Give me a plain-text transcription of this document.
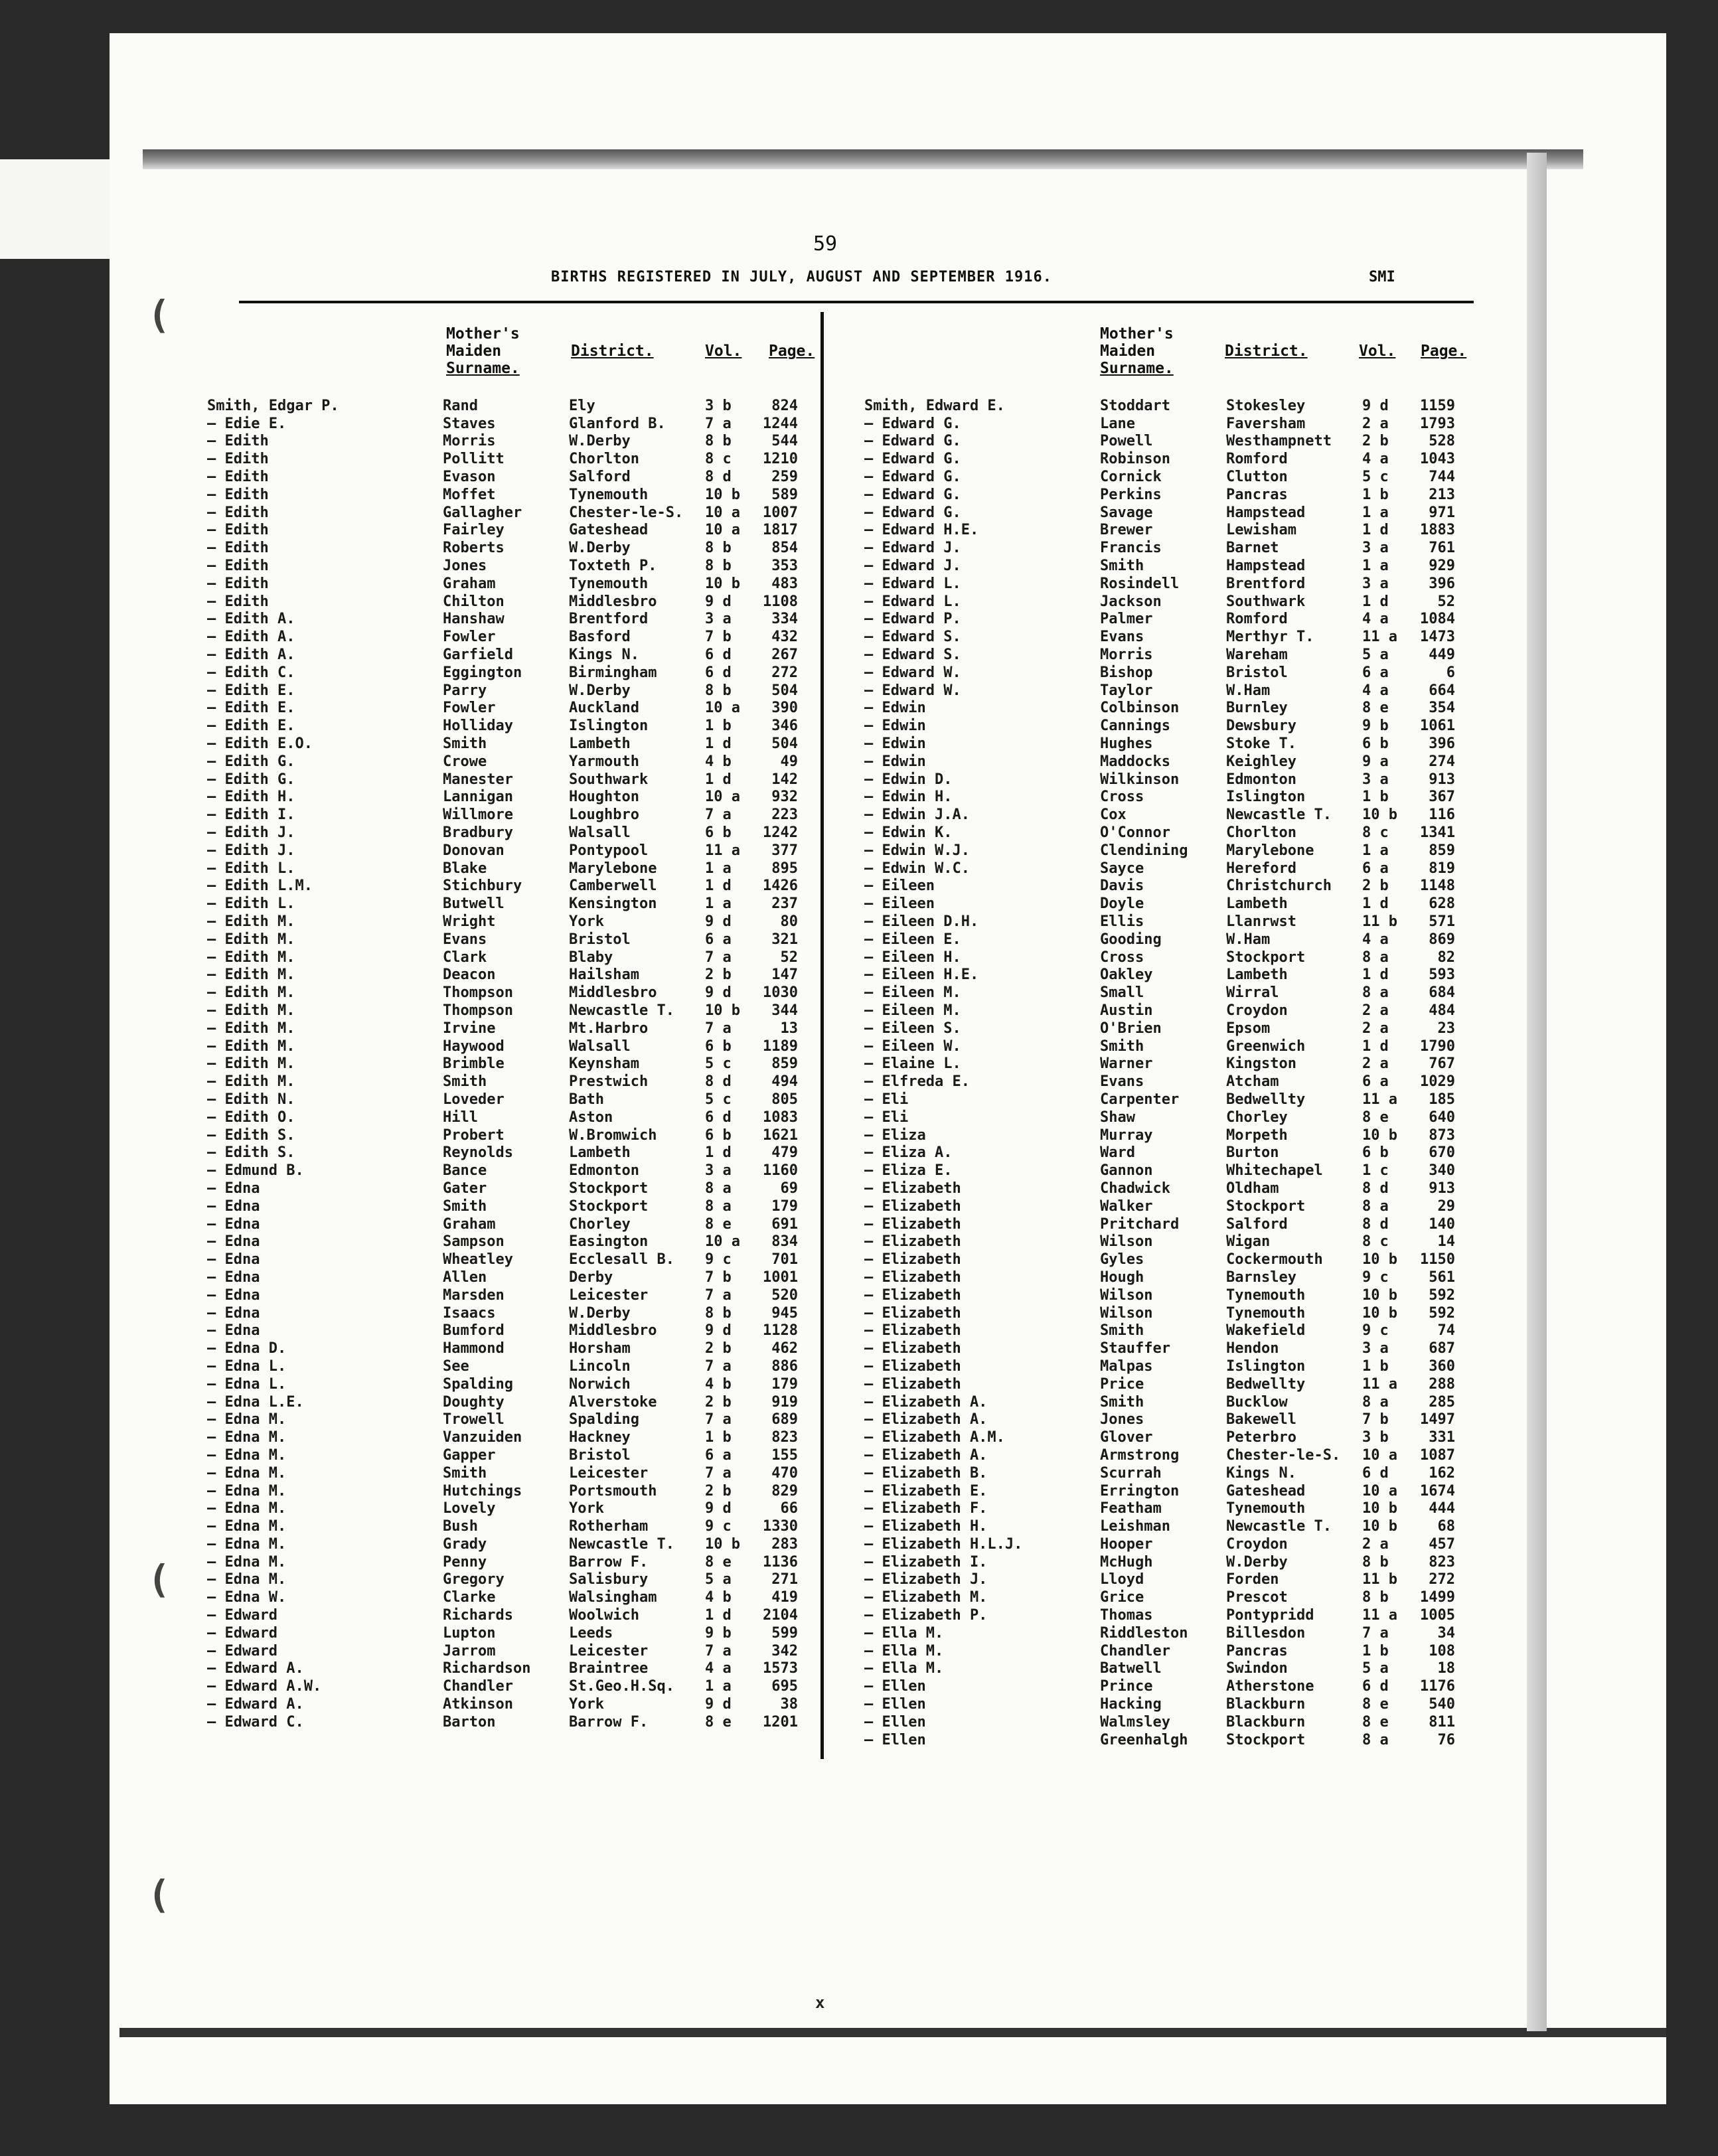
(
(
(
59
BIRTHS REGISTERED IN JULY, AUGUST AND SEPTEMBER 1916.	SMI
Mother's
Maiden
Surname.
District.	Vol. Page.
Mother's
Maiden
Surname.
District.	Vol. Page.
Smith, Edgar P.	Rand	Ely	3 b	824
— Edie E.	Staves	Glanford B.	7 a	1244
— Edith	Morris	W.Derby	8 b	544
— Edith	Pollitt	Chorlton	8 c	1210
— Edith	Evason	Salford	8 d	259
— Edith	Moffet	Tynemouth	10 b	589
— Edith	Gallagher	Chester-le-S.	10 a	1007
— Edith	Fairley	Gateshead	10 a	1817
— Edith	Roberts	W.Derby	8 b	854
— Edith	Jones	Toxteth P.	8 b	353
— Edith	Graham	Tynemouth	10 b	483
— Edith	Chilton	Middlesbro	9 d	1108
— Edith A.	Hanshaw	Brentford	3 a	334
— Edith A.	Fowler	Basford	7 b	432
— Edith A.	Garfield	Kings N.	6 d	267
— Edith C.	Eggington	Birmingham	6 d	272
— Edith E.	Parry	W.Derby	8 b	504
— Edith E.	Fowler	Auckland	10 a	390
— Edith E.	Holliday	Islington	1 b	346
— Edith E.O.	Smith	Lambeth	1 d	504
— Edith G.	Crowe	Yarmouth	4 b	49
— Edith G.	Manester	Southwark	1 d	142
— Edith H.	Lannigan	Houghton	10 a	932
— Edith I.	Willmore	Loughbro	7 a	223
— Edith J.	Bradbury	Walsall	6 b	1242
— Edith J.	Donovan	Pontypool	11 a	377
— Edith L.	Blake	Marylebone	1 a	895
— Edith L.M.	Stichbury	Camberwell	1 d	1426
— Edith L.	Butwell	Kensington	1 a	237
— Edith M.	Wright	York	9 d	80
— Edith M.	Evans	Bristol	6 a	321
— Edith M.	Clark	Blaby	7 a	52
— Edith M.	Deacon	Hailsham	2 b	147
— Edith M.	Thompson	Middlesbro	9 d	1030
— Edith M.	Thompson	Newcastle T.	10 b	344
— Edith M.	Irvine	Mt.Harbro	7 a	13
— Edith M.	Haywood	Walsall	6 b	1189
— Edith M.	Brimble	Keynsham	5 c	859
— Edith M.	Smith	Prestwich	8 d	494
— Edith N.	Loveder	Bath	5 c	805
— Edith O.	Hill	Aston	6 d	1083
— Edith S.	Probert	W.Bromwich	6 b	1621
— Edith S.	Reynolds	Lambeth	1 d	479
— Edmund B.	Bance	Edmonton	3 a	1160
— Edna	Gater	Stockport	8 a	69
— Edna	Smith	Stockport	8 a	179
— Edna	Graham	Chorley	8 e	691
— Edna	Sampson	Easington	10 a	834
— Edna	Wheatley	Ecclesall B.	9 c	701
— Edna	Allen	Derby	7 b	1001
— Edna	Marsden	Leicester	7 a	520
— Edna	Isaacs	W.Derby	8 b	945
— Edna	Bumford	Middlesbro	9 d	1128
— Edna D.	Hammond	Horsham	2 b	462
— Edna L.	See	Lincoln	7 a	886
— Edna L.	Spalding	Norwich	4 b	179
— Edna L.E.	Doughty	Alverstoke	2 b	919
— Edna M.	Trowell	Spalding	7 a	689
— Edna M.	Vanzuiden	Hackney	1 b	823
— Edna M.	Gapper	Bristol	6 a	155
— Edna M.	Smith	Leicester	7 a	470
— Edna M.	Hutchings	Portsmouth	2 b	829
— Edna M.	Lovely	York	9 d	66
— Edna M.	Bush	Rotherham	9 c	1330
— Edna M.	Grady	Newcastle T.	10 b	283
— Edna M.	Penny	Barrow F.	8 e	1136
— Edna M.	Gregory	Salisbury	5 a	271
— Edna W.	Clarke	Walsingham	4 b	419
— Edward	Richards	Woolwich	1 d	2104
— Edward	Lupton	Leeds	9 b	599
— Edward	Jarrom	Leicester	7 a	342
— Edward A.	Richardson	Braintree	4 a	1573
— Edward A.W.	Chandler	St.Geo.H.Sq.	1 a	695
— Edward A.	Atkinson	York	9 d	38
— Edward C.	Barton	Barrow F.	8 e	1201
Smith, Edward E.	Stoddart	Stokesley	9 d	1159
— Edward G.	Lane	Faversham	2 a	1793
— Edward G.	Powell	Westhampnett	2 b	528
— Edward G.	Robinson	Romford	4 a	1043
— Edward G.	Cornick	Clutton	5 c	744
— Edward G.	Perkins	Pancras	1 b	213
— Edward G.	Savage	Hampstead	1 a	971
— Edward H.E.	Brewer	Lewisham	1 d	1883
— Edward J.	Francis	Barnet	3 a	761
— Edward J.	Smith	Hampstead	1 a	929
— Edward L.	Rosindell	Brentford	3 a	396
— Edward L.	Jackson	Southwark	1 d	52
— Edward P.	Palmer	Romford	4 a	1084
— Edward S.	Evans	Merthyr T.	11 a	1473
— Edward S.	Morris	Wareham	5 a	449
— Edward W.	Bishop	Bristol	6 a	6
— Edward W.	Taylor	W.Ham	4 a	664
— Edwin	Colbinson	Burnley	8 e	354
— Edwin	Cannings	Dewsbury	9 b	1061
— Edwin	Hughes	Stoke T.	6 b	396
— Edwin	Maddocks	Keighley	9 a	274
— Edwin D.	Wilkinson	Edmonton	3 a	913
— Edwin H.	Cross	Islington	1 b	367
— Edwin J.A.	Cox	Newcastle T.	10 b	116
— Edwin K.	O'Connor	Chorlton	8 c	1341
— Edwin W.J.	Clendining	Marylebone	1 a	859
— Edwin W.C.	Sayce	Hereford	6 a	819
— Eileen	Davis	Christchurch	2 b	1148
— Eileen	Doyle	Lambeth	1 d	628
— Eileen D.H.	Ellis	Llanrwst	11 b	571
— Eileen E.	Gooding	W.Ham	4 a	869
— Eileen H.	Cross	Stockport	8 a	82
— Eileen H.E.	Oakley	Lambeth	1 d	593
— Eileen M.	Small	Wirral	8 a	684
— Eileen M.	Austin	Croydon	2 a	484
— Eileen S.	O'Brien	Epsom	2 a	23
— Eileen W.	Smith	Greenwich	1 d	1790
— Elaine L.	Warner	Kingston	2 a	767
— Elfreda E.	Evans	Atcham	6 a	1029
— Eli	Carpenter	Bedwellty	11 a	185
— Eli	Shaw	Chorley	8 e	640
— Eliza	Murray	Morpeth	10 b	873
— Eliza A.	Ward	Burton	6 b	670
— Eliza E.	Gannon	Whitechapel	1 c	340
— Elizabeth	Chadwick	Oldham	8 d	913
— Elizabeth	Walker	Stockport	8 a	29
— Elizabeth	Pritchard	Salford	8 d	140
— Elizabeth	Wilson	Wigan	8 c	14
— Elizabeth	Gyles	Cockermouth	10 b	1150
— Elizabeth	Hough	Barnsley	9 c	561
— Elizabeth	Wilson	Tynemouth	10 b	592
— Elizabeth	Wilson	Tynemouth	10 b	592
— Elizabeth	Smith	Wakefield	9 c	74
— Elizabeth	Stauffer	Hendon	3 a	687
— Elizabeth	Malpas	Islington	1 b	360
— Elizabeth	Price	Bedwellty	11 a	288
— Elizabeth A.	Smith	Bucklow	8 a	285
— Elizabeth A.	Jones	Bakewell	7 b	1497
— Elizabeth A.M.	Glover	Peterbro	3 b	331
— Elizabeth A.	Armstrong	Chester-le-S.	10 a	1087
— Elizabeth B.	Scurrah	Kings N.	6 d	162
— Elizabeth E.	Errington	Gateshead	10 a	1674
— Elizabeth F.	Featham	Tynemouth	10 b	444
— Elizabeth H.	Leishman	Newcastle T.	10 b	68
— Elizabeth H.L.J.	Hooper	Croydon	2 a	457
— Elizabeth I.	McHugh	W.Derby	8 b	823
— Elizabeth J.	Lloyd	Forden	11 b	272
— Elizabeth M.	Grice	Prescot	8 b	1499
— Elizabeth P.	Thomas	Pontypridd	11 a	1005
— Ella M.	Riddleston	Billesdon	7 a	34
— Ella M.	Chandler	Pancras	1 b	108
— Ella M.	Batwell	Swindon	5 a	18
— Ellen	Prince	Atherstone	6 d	1176
— Ellen	Hacking	Blackburn	8 e	540
— Ellen	Walmsley	Blackburn	8 e	811
— Ellen	Greenhalgh	Stockport	8 a	76
x
